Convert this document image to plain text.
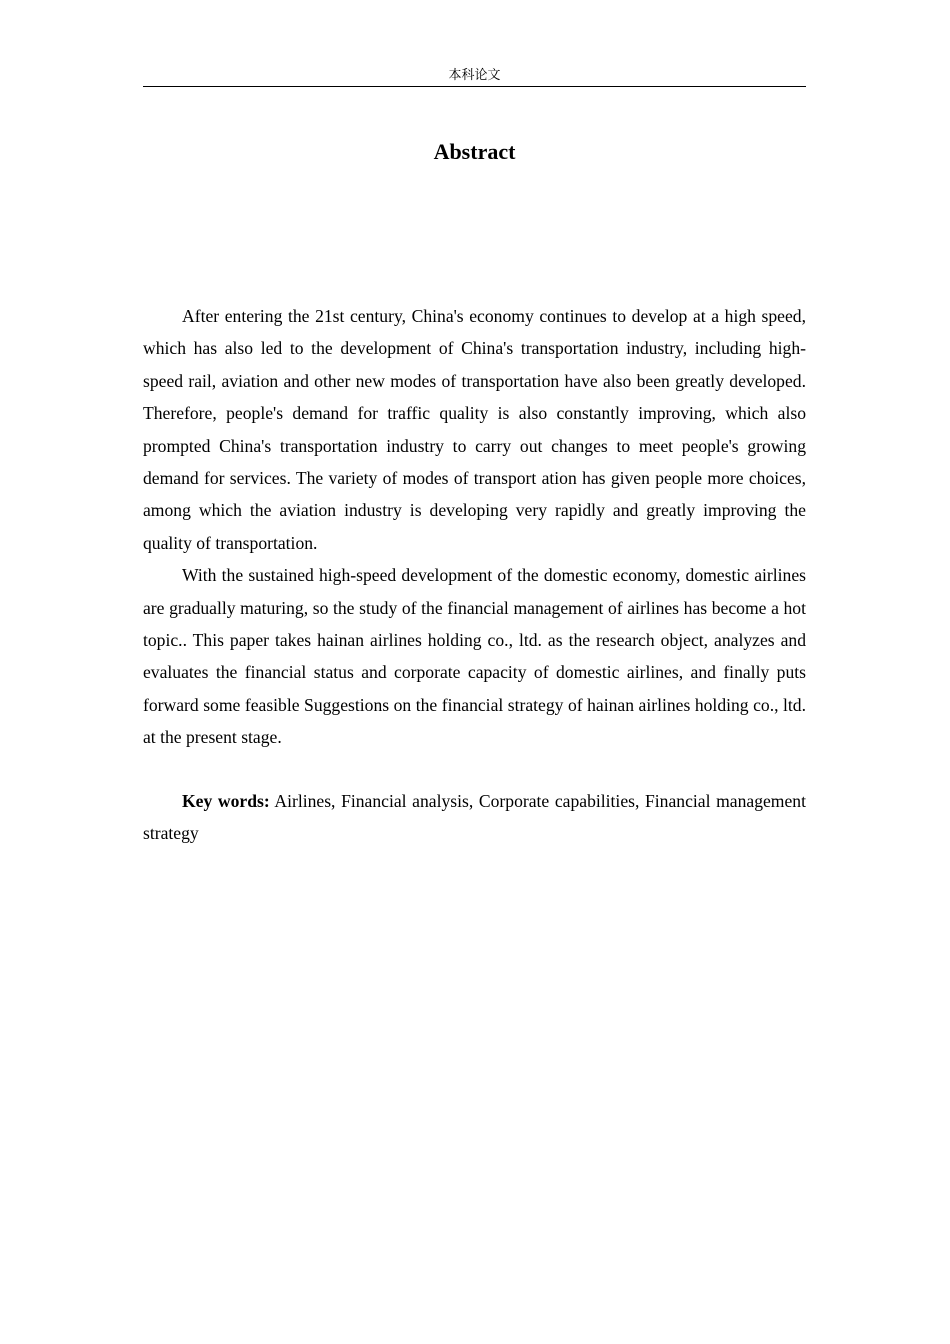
本科论文
Abstract

After entering the 21st century, China's economy continues to develop at a high speed, which has also led to the development of China's transportation industry, including high-speed rail, aviation and other new modes of transportation have also been greatly developed. Therefore, people's demand for traffic quality is also constantly improving, which also prompted China's transportation industry to carry out changes to meet people's growing demand for services. The variety of modes of transport ation has given people more choices, among which the aviation industry is developing very rapidly and greatly improving the quality of transportation.

With the sustained high-speed development of the domestic economy, domestic airlines are gradually maturing, so the study of the financial management of airlines has become a hot topic.. This paper takes hainan airlines holding co., ltd. as the research object, analyzes and evaluates the financial status and corporate capacity of domestic airlines, and finally puts forward some feasible Suggestions on the financial strategy of hainan airlines holding co., ltd. at the present stage.

Key words: Airlines, Financial analysis, Corporate capabilities, Financial management strategy
